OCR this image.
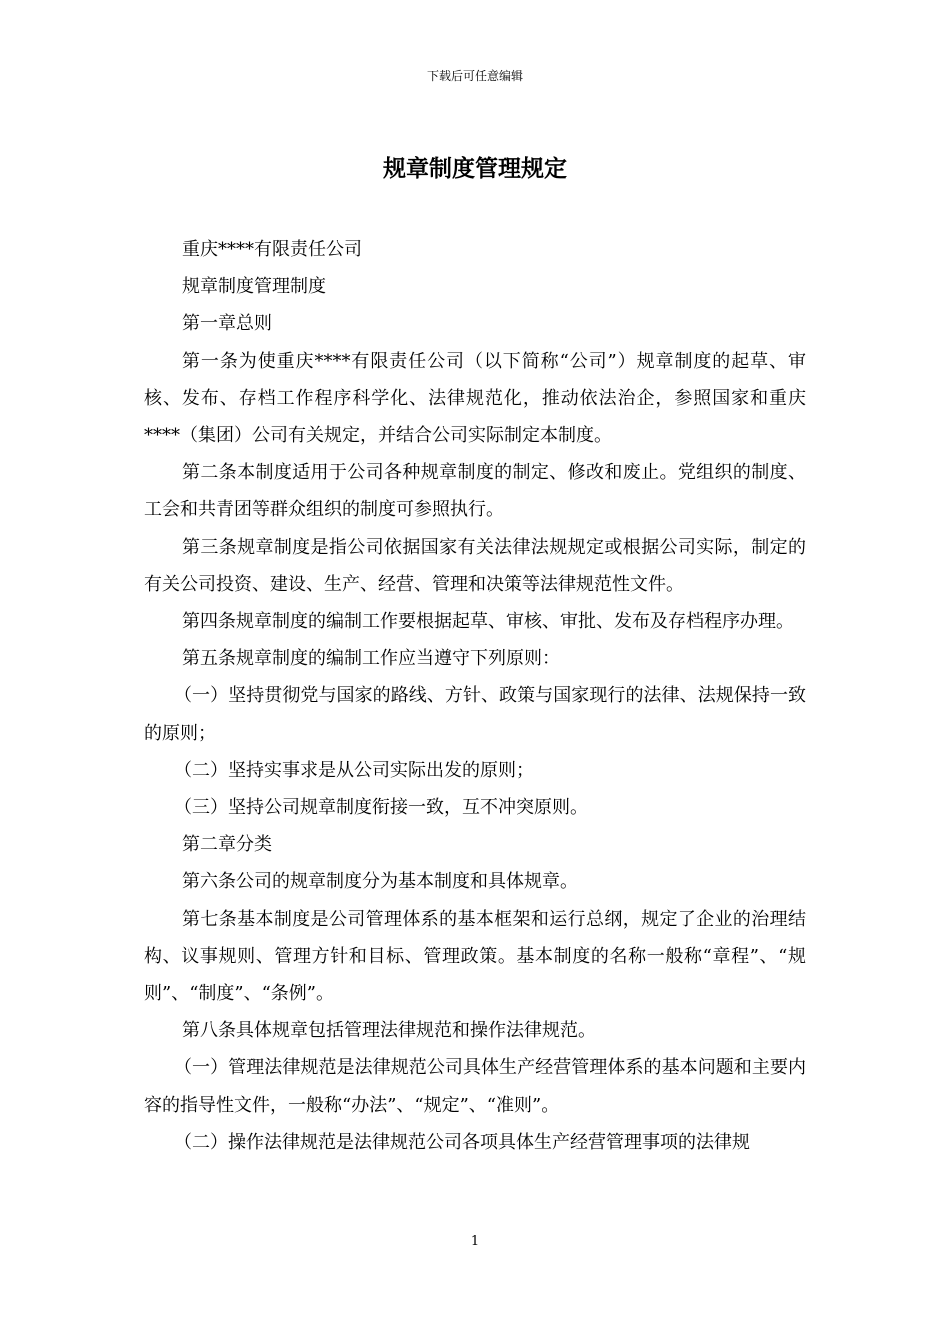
下载后可任意编辑
规章制度管理规定

重庆****有限责任公司

规章制度管理制度

第一章总则

第一条为使重庆****有限责任公司（以下简称“公司”）规章制度的起草、审核、发布、存档工作程序科学化、法律规范化，推动依法治企，参照国家和重庆****（集团）公司有关规定，并结合公司实际制定本制度。

第二条本制度适用于公司各种规章制度的制定、修改和废止。党组织的制度、工会和共青团等群众组织的制度可参照执行。

第三条规章制度是指公司依据国家有关法律法规规定或根据公司实际，制定的有关公司投资、建设、生产、经营、管理和决策等法律规范性文件。

第四条规章制度的编制工作要根据起草、审核、审批、发布及存档程序办理。

第五条规章制度的编制工作应当遵守下列原则：

（一）坚持贯彻党与国家的路线、方针、政策与国家现行的法律、法规保持一致的原则；

（二）坚持实事求是从公司实际出发的原则；

（三）坚持公司规章制度衔接一致，互不冲突原则。

第二章分类

第六条公司的规章制度分为基本制度和具体规章。

第七条基本制度是公司管理体系的基本框架和运行总纲，规定了企业的治理结构、议事规则、管理方针和目标、管理政策。基本制度的名称一般称“章程”、“规则”、“制度”、“条例”。

第八条具体规章包括管理法律规范和操作法律规范。

（一）管理法律规范是法律规范公司具体生产经营管理体系的基本问题和主要内容的指导性文件，一般称“办法”、“规定”、“准则”。

（二）操作法律规范是法律规范公司各项具体生产经营管理事项的法律规

1
